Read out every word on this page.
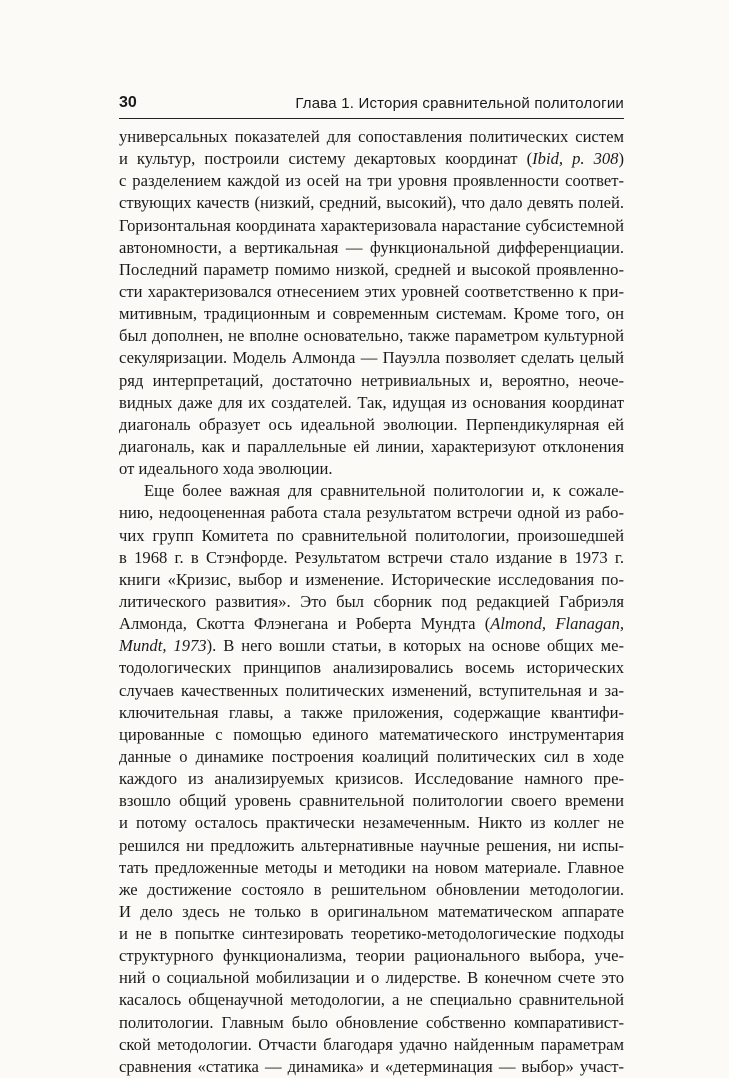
30	Глава 1. История сравнительной политологии
универсальных показателей для сопоставления политических систем
и культур, построили систему декартовых координат (Ibid, p. 308)
с разделением каждой из осей на три уровня проявленности соответ-
ствующих качеств (низкий, средний, высокий), что дало девять полей.
Горизонтальная координата характеризовала нарастание субсистемной
автономности, а вертикальная — функциональной дифференциации.
Последний параметр помимо низкой, средней и высокой проявленно-
сти характеризовался отнесением этих уровней соответственно к при-
митивным, традиционным и современным системам. Кроме того, он
был дополнен, не вполне основательно, также параметром культурной
секуляризации. Модель Алмонда — Пауэлла позволяет сделать целый
ряд интерпретаций, достаточно нетривиальных и, вероятно, неоче-
видных даже для их создателей. Так, идущая из основания координат
диагональ образует ось идеальной эволюции. Перпендикулярная ей
диагональ, как и параллельные ей линии, характеризуют отклонения
от идеального хода эволюции.
Еще более важная для сравнительной политологии и, к сожале-
нию, недооцененная работа стала результатом встречи одной из рабо-
чих групп Комитета по сравнительной политологии, произошедшей
в 1968 г. в Стэнфорде. Результатом встречи стало издание в 1973 г.
книги «Кризис, выбор и изменение. Исторические исследования по-
литического развития». Это был сборник под редакцией Габриэля
Алмонда, Скотта Флэнегана и Роберта Мундта (Almond, Flanagan,
Mundt, 1973). В него вошли статьи, в которых на основе общих ме-
тодологических принципов анализировались восемь исторических
случаев качественных политических изменений, вступительная и за-
ключительная главы, а также приложения, содержащие квантифи-
цированные с помощью единого математического инструментария
данные о динамике построения коалиций политических сил в ходе
каждого из анализируемых кризисов. Исследование намного пре-
взошло общий уровень сравнительной политологии своего времени
и потому осталось практически незамеченным. Никто из коллег не
решился ни предложить альтернативные научные решения, ни испы-
тать предложенные методы и методики на новом материале. Главное
же достижение состояло в решительном обновлении методологии.
И дело здесь не только в оригинальном математическом аппарате
и не в попытке синтезировать теоретико-методологические подходы
структурного функционализма, теории рационального выбора, уче-
ний о социальной мобилизации и о лидерстве. В конечном счете это
касалось общенаучной методологии, а не специально сравнительной
политологии. Главным было обновление собственно компаративист-
ской методологии. Отчасти благодаря удачно найденным параметрам
сравнения «статика — динамика» и «детерминация — выбор» участ-
